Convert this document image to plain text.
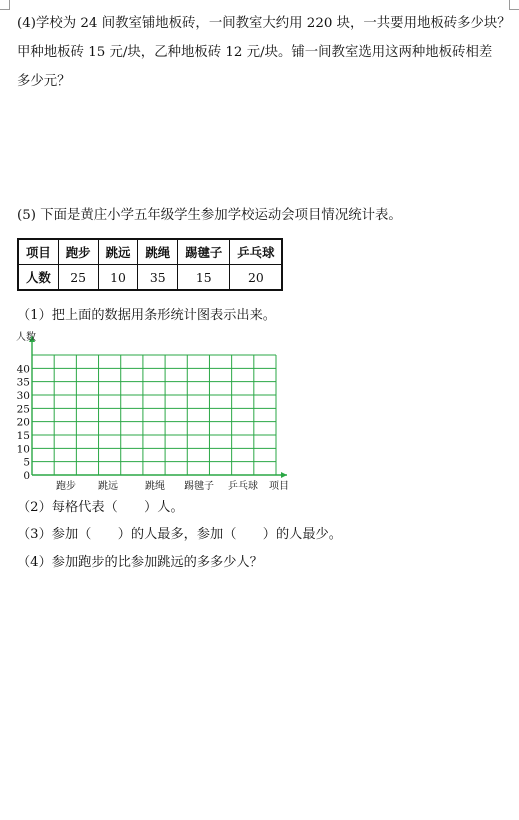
(4)学校为 24 间教室铺地板砖，一间教室大约用 220 块，一共要用地板砖多少块？
甲种地板砖 15 元/块，乙种地板砖 12 元/块。铺一间教室选用这两种地板砖相差
多少元？
(5) 下面是黄庄小学五年级学生参加学校运动会项目情况统计表。
项目	跑步	跳远	跳绳	踢毽子	乒乓球
人数	25	10	35	15	20
（1）把上面的数据用条形统计图表示出来。
0
5
10
15
20
25
30
35
40
人数
跑步 跳远	跳绳 踢毽子 乒乓球 项目
（2）每格代表（　　）人。
（3）参加（　　）的人最多，参加（　　）的人最少。
（4）参加跑步的比参加跳远的多多少人？
